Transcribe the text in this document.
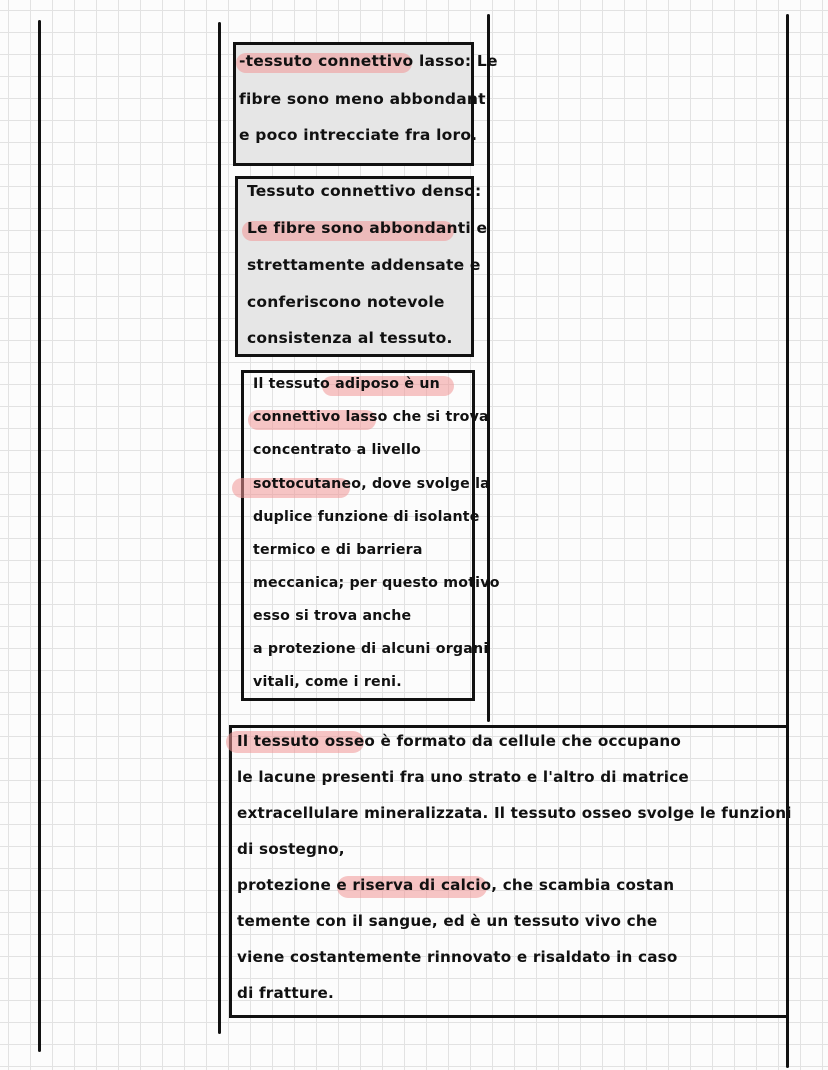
-tessuto connettivo lasso: Le

fibre sono meno abbondanti

e poco intrecciate fra loro.

Tessuto connettivo denso:

Le fibre sono abbondanti e

strettamente addensate e

conferiscono notevole

consistenza al tessuto.

Il tessuto adiposo è un

connettivo lasso che si trova

concentrato a livello

sottocutaneo, dove svolge la

duplice funzione di isolante

termico e di barriera

meccanica; per questo motivo

esso si trova anche

a protezione di alcuni organi

vitali, come i reni.

Il tessuto osseo è formato da cellule che occupano

le lacune presenti fra uno strato e l'altro di matrice

extracellulare mineralizzata. Il tessuto osseo svolge le funzioni

di sostegno,

protezione e riserva di calcio, che scambia costan

temente con il sangue, ed è un tessuto vivo che

viene costantemente rinnovato e risaldato in caso

di fratture.
